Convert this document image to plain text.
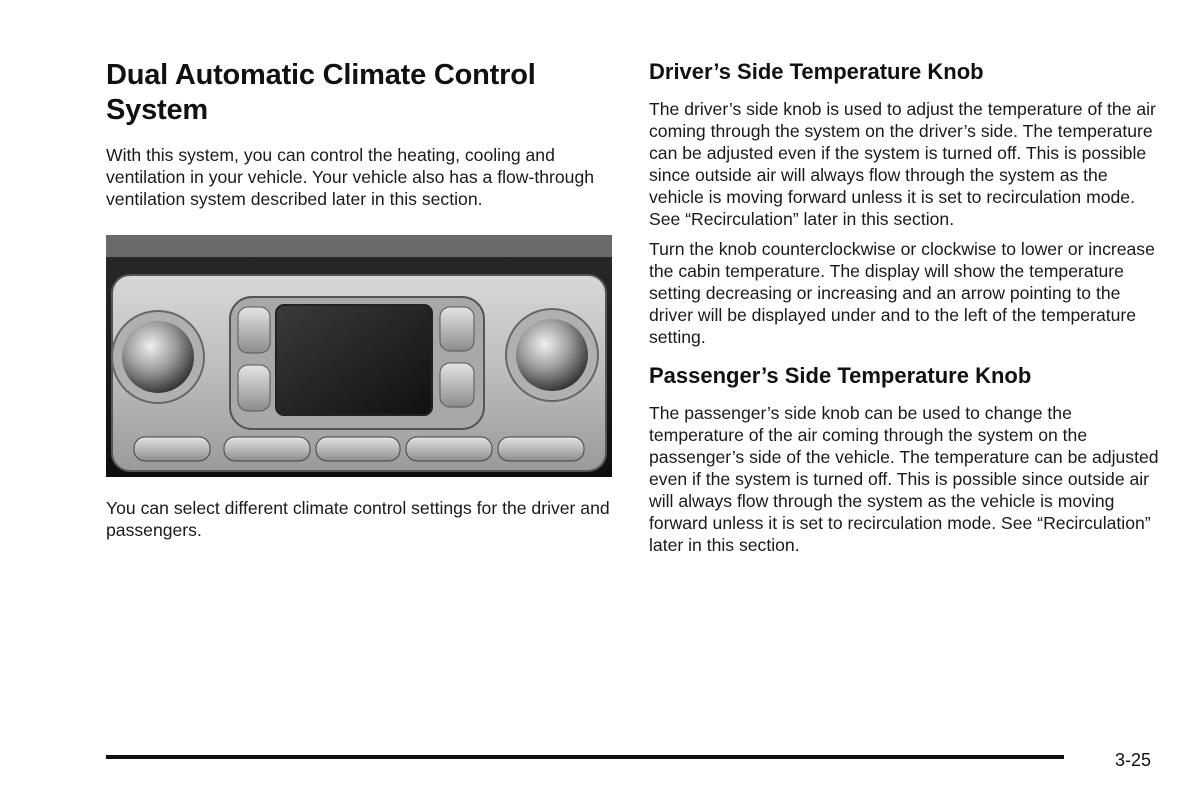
Dual Automatic Climate Control System

With this system, you can control the heating, cooling and ventilation in your vehicle. Your vehicle also has a flow-through ventilation system described later in this section.

You can select different climate control settings for the driver and passengers.

Driver’s Side Temperature Knob

The driver’s side knob is used to adjust the temperature of the air coming through the system on the driver’s side. The temperature can be adjusted even if the system is turned off. This is possible since outside air will always flow through the system as the vehicle is moving forward unless it is set to recirculation mode. See “Recirculation” later in this section.

Turn the knob counterclockwise or clockwise to lower or increase the cabin temperature. The display will show the temperature setting decreasing or increasing and an arrow pointing to the driver will be displayed under and to the left of the temperature setting.

Passenger’s Side Temperature Knob

The passenger’s side knob can be used to change the temperature of the air coming through the system on the passenger’s side of the vehicle. The temperature can be adjusted even if the system is turned off. This is possible since outside air will always flow through the system as the vehicle is moving forward unless it is set to recirculation mode. See “Recirculation” later in this section.

3-25
